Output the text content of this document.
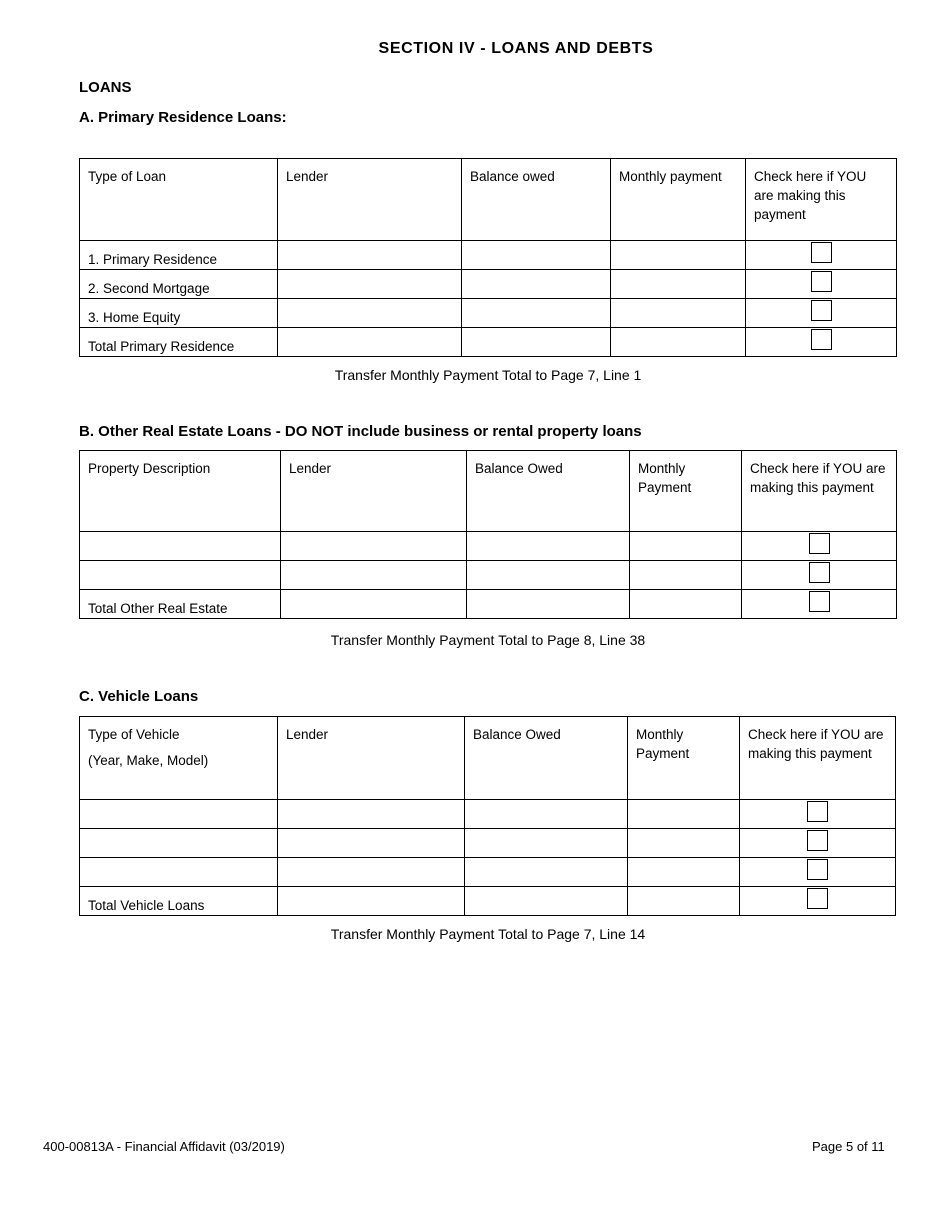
SECTION IV - LOANS AND DEBTS
LOANS
A. Primary Residence Loans:
Type of Loan	Lender	Balance owed	Monthly payment	Check here if YOU are making this payment
1. Primary Residence				
2. Second Mortgage				
3. Home Equity				
Total Primary Residence				
Transfer Monthly Payment Total to Page 7, Line 1
B. Other Real Estate Loans - DO NOT include business or rental property loans
Property Description	Lender	Balance Owed	Monthly Payment	Check here if YOU are making this payment

Total Other Real Estate				
Transfer Monthly Payment Total to Page 8, Line 38
C. Vehicle Loans
Type of Vehicle
(Year, Make, Model)	Lender	Balance Owed	Monthly Payment	Check here if YOU are making this payment

Total Vehicle Loans				
Transfer Monthly Payment Total to Page 7, Line 14
400-00813A - Financial Affidavit (03/2019)	Page 5 of 11
